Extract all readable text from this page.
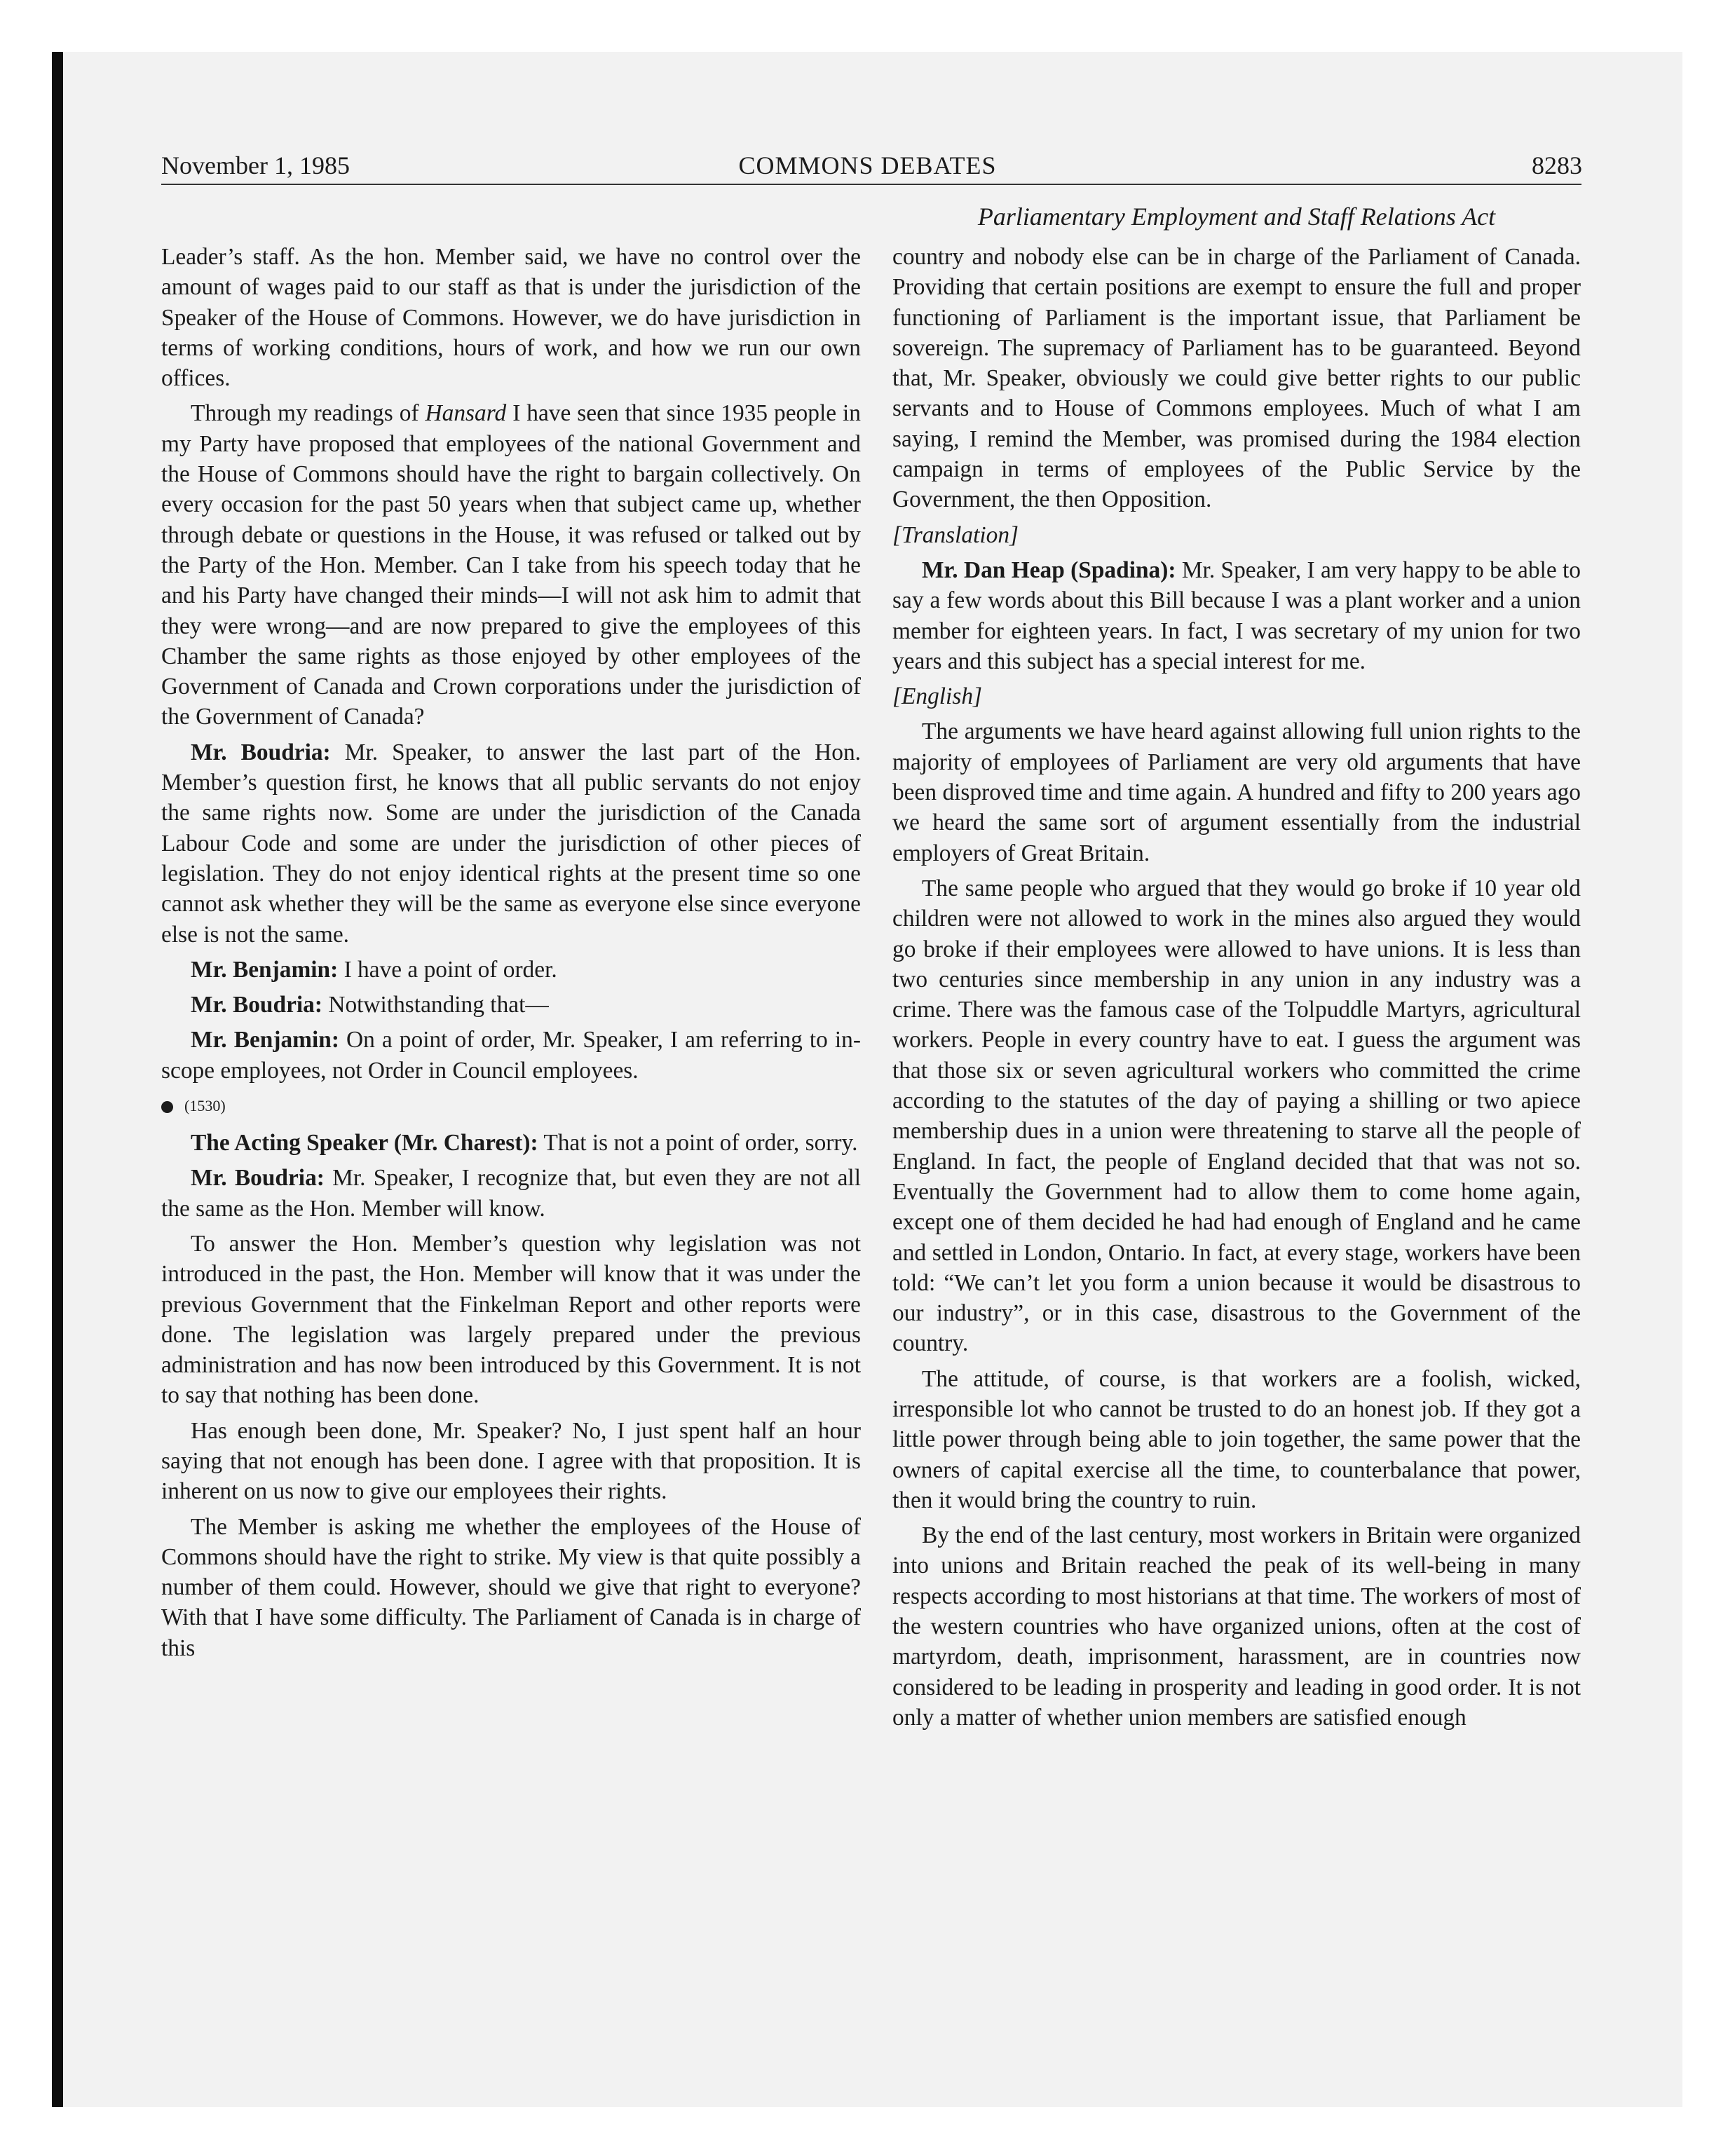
November 1, 1985	COMMONS DEBATES	8283
Parliamentary Employment and Staff Relations Act

Leader’s staff. As the hon. Member said, we have no control over the amount of wages paid to our staff as that is under the jurisdiction of the Speaker of the House of Commons. However, we do have jurisdiction in terms of working conditions, hours of work, and how we run our own offices.

Through my readings of Hansard I have seen that since 1935 people in my Party have proposed that employees of the national Government and the House of Commons should have the right to bargain collectively. On every occasion for the past 50 years when that subject came up, whether through debate or questions in the House, it was refused or talked out by the Party of the Hon. Member. Can I take from his speech today that he and his Party have changed their minds—I will not ask him to admit that they were wrong—and are now prepared to give the employees of this Chamber the same rights as those enjoyed by other employees of the Government of Canada and Crown corporations under the jurisdiction of the Government of Canada?

Mr. Boudria: Mr. Speaker, to answer the last part of the Hon. Member’s question first, he knows that all public servants do not enjoy the same rights now. Some are under the jurisdiction of the Canada Labour Code and some are under the jurisdiction of other pieces of legislation. They do not enjoy identical rights at the present time so one cannot ask whether they will be the same as everyone else since everyone else is not the same.

Mr. Benjamin: I have a point of order.

Mr. Boudria: Notwithstanding that—

Mr. Benjamin: On a point of order, Mr. Speaker, I am referring to in-scope employees, not Order in Council employees.

(1530)

The Acting Speaker (Mr. Charest): That is not a point of order, sorry.

Mr. Boudria: Mr. Speaker, I recognize that, but even they are not all the same as the Hon. Member will know.

To answer the Hon. Member’s question why legislation was not introduced in the past, the Hon. Member will know that it was under the previous Government that the Finkelman Report and other reports were done. The legislation was largely prepared under the previous administration and has now been introduced by this Government. It is not to say that nothing has been done.

Has enough been done, Mr. Speaker? No, I just spent half an hour saying that not enough has been done. I agree with that proposition. It is inherent on us now to give our employees their rights.

The Member is asking me whether the employees of the House of Commons should have the right to strike. My view is that quite possibly a number of them could. However, should we give that right to everyone? With that I have some difficulty. The Parliament of Canada is in charge of this

country and nobody else can be in charge of the Parliament of Canada. Providing that certain positions are exempt to ensure the full and proper functioning of Parliament is the important issue, that Parliament be sovereign. The supremacy of Parliament has to be guaranteed. Beyond that, Mr. Speaker, obviously we could give better rights to our public servants and to House of Commons employees. Much of what I am saying, I remind the Member, was promised during the 1984 election campaign in terms of employees of the Public Service by the Government, the then Opposition.

[Translation]

Mr. Dan Heap (Spadina): Mr. Speaker, I am very happy to be able to say a few words about this Bill because I was a plant worker and a union member for eighteen years. In fact, I was secretary of my union for two years and this subject has a special interest for me.

[English]

The arguments we have heard against allowing full union rights to the majority of employees of Parliament are very old arguments that have been disproved time and time again. A hundred and fifty to 200 years ago we heard the same sort of argument essentially from the industrial employers of Great Britain.

The same people who argued that they would go broke if 10 year old children were not allowed to work in the mines also argued they would go broke if their employees were allowed to have unions. It is less than two centuries since membership in any union in any industry was a crime. There was the famous case of the Tolpuddle Martyrs, agricultural workers. People in every country have to eat. I guess the argument was that those six or seven agricultural workers who committed the crime according to the statutes of the day of paying a shilling or two apiece membership dues in a union were threatening to starve all the people of England. In fact, the people of England decided that that was not so. Eventually the Government had to allow them to come home again, except one of them decided he had had enough of England and he came and settled in London, Ontario. In fact, at every stage, workers have been told: “We can’t let you form a union because it would be disastrous to our industry”, or in this case, disastrous to the Government of the country.

The attitude, of course, is that workers are a foolish, wicked, irresponsible lot who cannot be trusted to do an honest job. If they got a little power through being able to join together, the same power that the owners of capital exercise all the time, to counterbalance that power, then it would bring the country to ruin.

By the end of the last century, most workers in Britain were organized into unions and Britain reached the peak of its well-being in many respects according to most historians at that time. The workers of most of the western countries who have organized unions, often at the cost of martyrdom, death, imprisonment, harassment, are in countries now considered to be leading in prosperity and leading in good order. It is not only a matter of whether union members are satisfied enough
